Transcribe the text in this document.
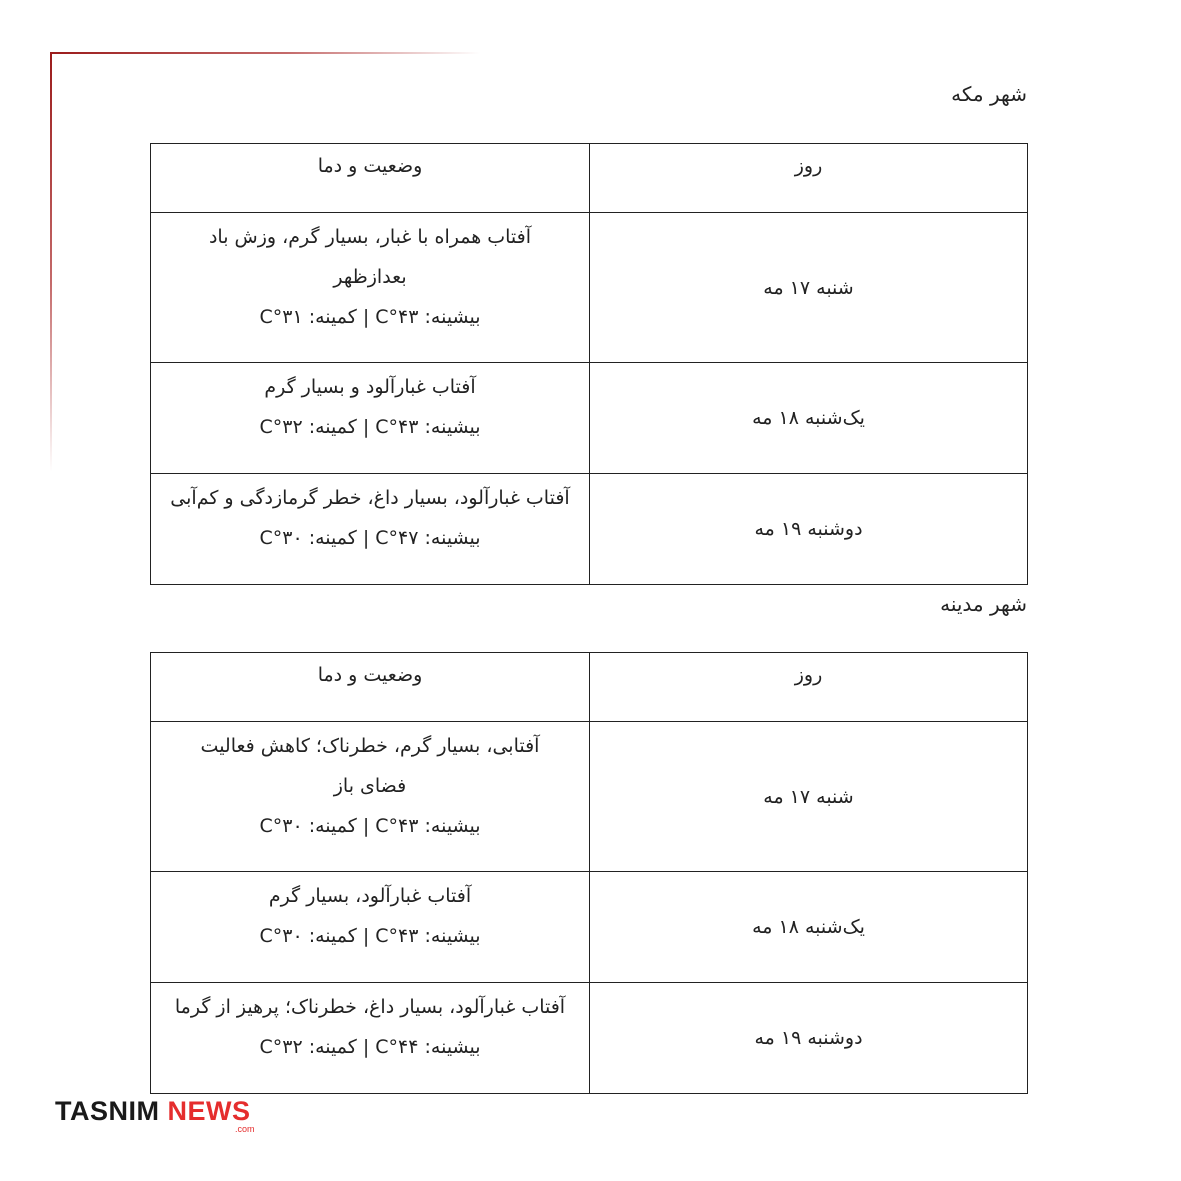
شهر مکه
روز	وضعیت و دما
شنبه ۱۷ مه	آفتاب همراه با غبار، بسیار گرم، وزش باد
بعدازظهر
بیشینه: C°۴۳ | کمینه: C°۳۱

یک‌شنبه ۱۸ مه	آفتاب غبارآلود و بسیار گرم
بیشینه: C°۴۳ | کمینه: C°۳۲

دوشنبه ۱۹ مه	آفتاب غبارآلود، بسیار داغ، خطر گرمازدگی و کم‌آبی
بیشینه: C°۴۷ | کمینه: C°۳۰
شهر مدینه
روز	وضعیت و دما
شنبه ۱۷ مه	آفتابی، بسیار گرم، خطرناک؛ کاهش فعالیت
فضای باز
بیشینه: C°۴۳ | کمینه: C°۳۰

یک‌شنبه ۱۸ مه	آفتاب غبارآلود، بسیار گرم
بیشینه: C°۴۳ | کمینه: C°۳۰

دوشنبه ۱۹ مه	آفتاب غبارآلود، بسیار داغ، خطرناک؛ پرهیز از گرما
بیشینه: C°۴۴ | کمینه: C°۳۲
TASNIM NEWS
.com
